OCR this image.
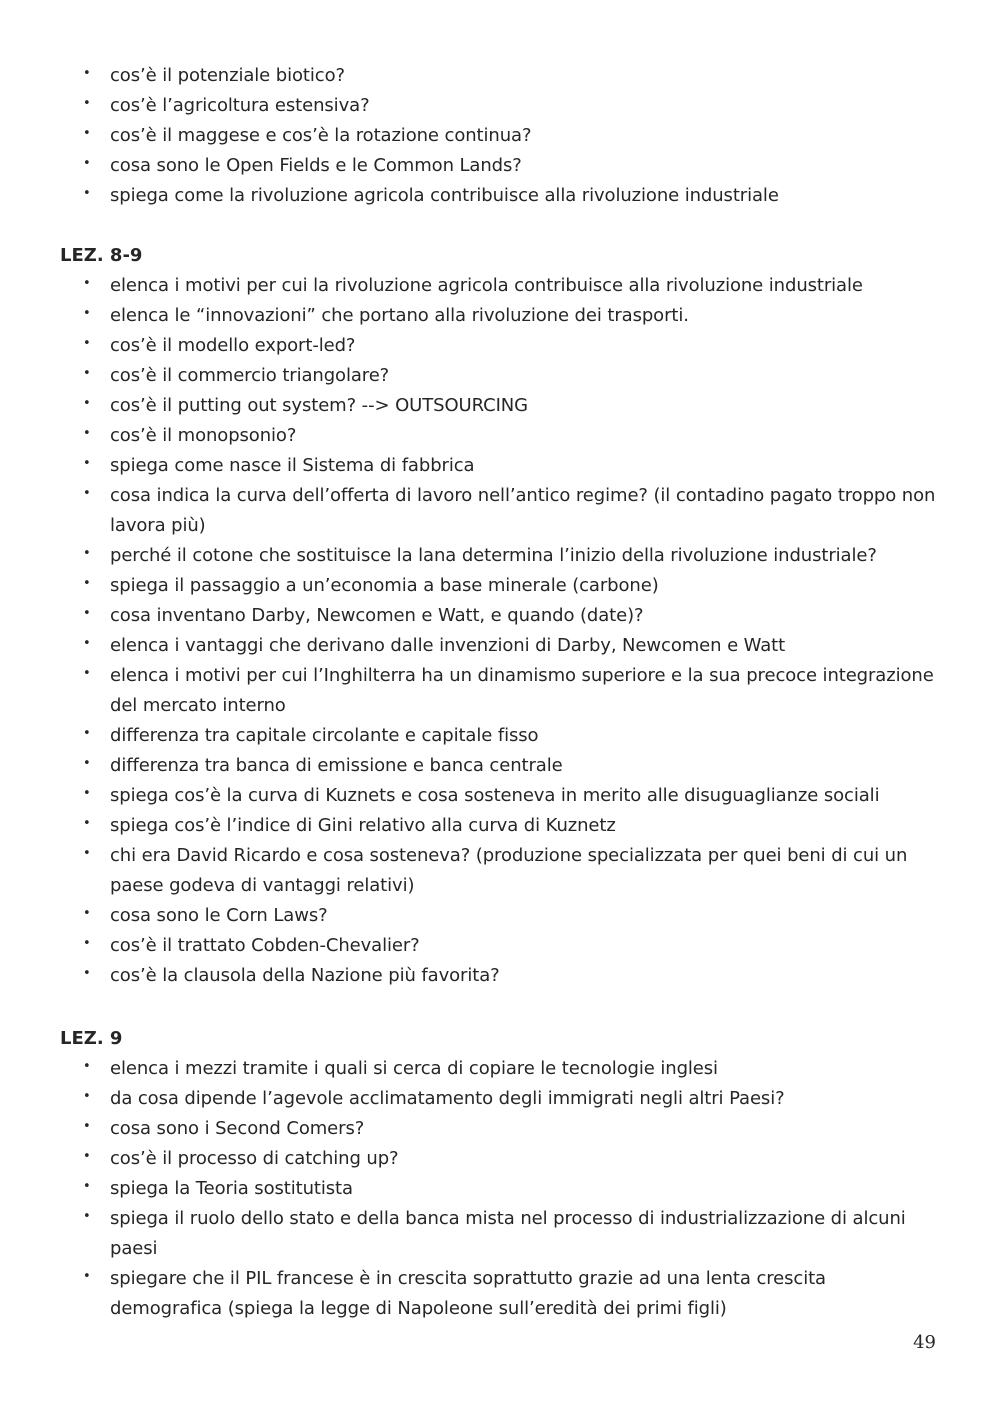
• cos’è il potenziale biotico?
• cos’è l’agricoltura estensiva?
• cos’è il maggese e cos’è la rotazione continua?
• cosa sono le Open Fields e le Common Lands?
• spiega come la rivoluzione agricola contribuisce alla rivoluzione industriale
LEZ. 8-9
• elenca i motivi per cui la rivoluzione agricola contribuisce alla rivoluzione industriale
• elenca le “innovazioni” che portano alla rivoluzione dei trasporti.
• cos’è il modello export-led?
• cos’è il commercio triangolare?
• cos’è il putting out system? --> OUTSOURCING
• cos’è il monopsonio?
• spiega come nasce il Sistema di fabbrica
• cosa indica la curva dell’offerta di lavoro nell’antico regime? (il contadino pagato troppo non lavora più)
• perché il cotone che sostituisce la lana determina l’inizio della rivoluzione industriale?
• spiega il passaggio a un’economia a base minerale (carbone)
• cosa inventano Darby, Newcomen e Watt, e quando (date)?
• elenca i vantaggi che derivano dalle invenzioni di Darby, Newcomen e Watt
• elenca i motivi per cui l’Inghilterra ha un dinamismo superiore e la sua precoce integrazione del mercato interno
• differenza tra capitale circolante e capitale fisso
• differenza tra banca di emissione e banca centrale
• spiega cos’è la curva di Kuznets e cosa sosteneva in merito alle disuguaglianze sociali
• spiega cos’è l’indice di Gini relativo alla curva di Kuznetz
• chi era David Ricardo e cosa sosteneva? (produzione specializzata per quei beni di cui un paese godeva di vantaggi relativi)
• cosa sono le Corn Laws?
• cos’è il trattato Cobden-Chevalier?
• cos’è la clausola della Nazione più favorita?
LEZ. 9
• elenca i mezzi tramite i quali si cerca di copiare le tecnologie inglesi
• da cosa dipende l’agevole acclimatamento degli immigrati negli altri Paesi?
• cosa sono i Second Comers?
• cos’è il processo di catching up?
• spiega la Teoria sostitutista
• spiega il ruolo dello stato e della banca mista nel processo di industrializzazione di alcuni paesi
• spiegare che il PIL francese è in crescita soprattutto grazie ad una lenta crescita demografica (spiega la legge di Napoleone sull’eredità dei primi figli)
49
